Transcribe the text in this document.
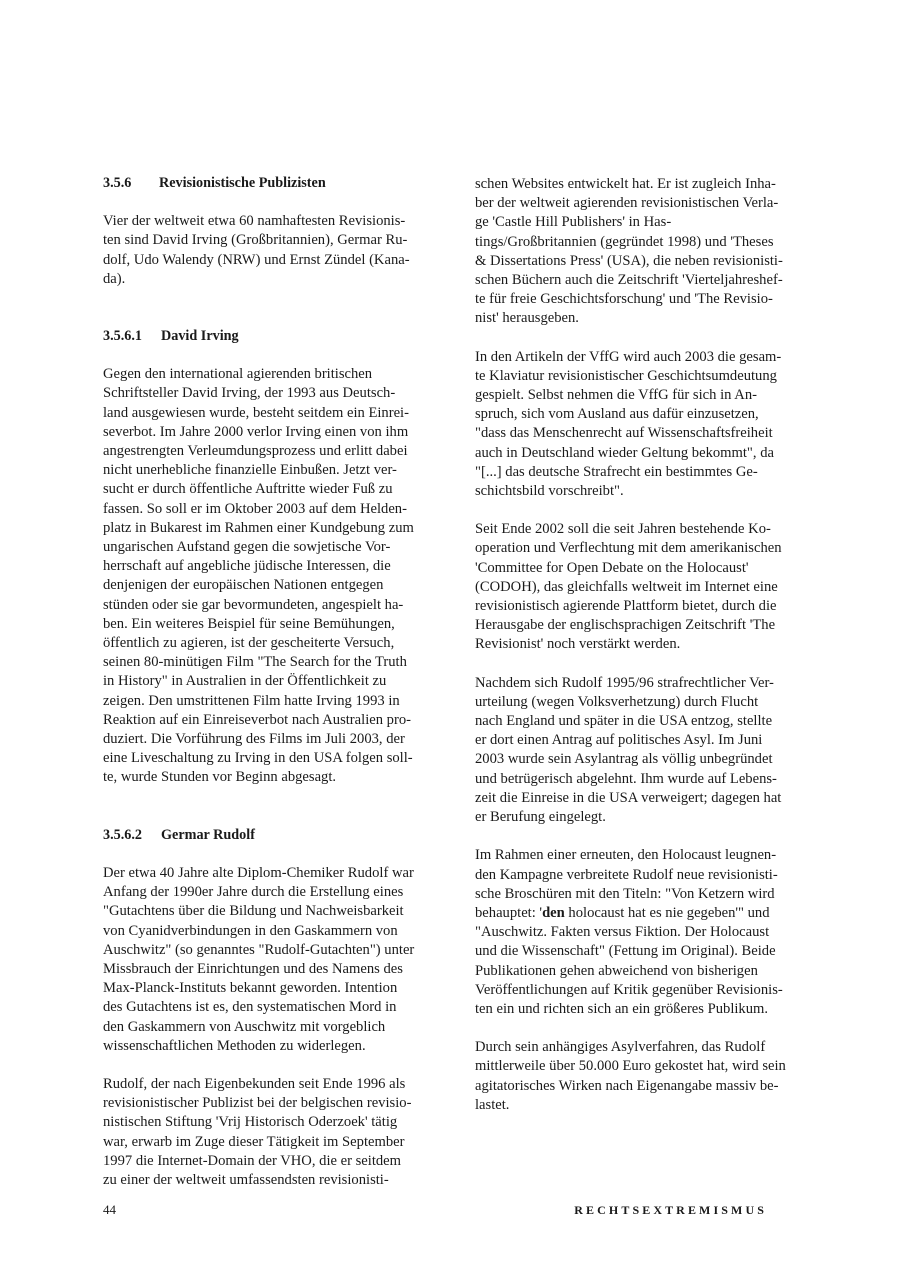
3.5.6 Revisionistische Publizisten

Vier der weltweit etwa 60 namhaftesten Revisionis-
ten sind David Irving (Großbritannien), Germar Ru-
dolf, Udo Walendy (NRW) und Ernst Zündel (Kana-
da).

3.5.6.1 David Irving

Gegen den international agierenden britischen
Schriftsteller David Irving, der 1993 aus Deutsch-
land ausgewiesen wurde, besteht seitdem ein Einrei-
severbot. Im Jahre 2000 verlor Irving einen von ihm
angestrengten Verleumdungsprozess und erlitt dabei
nicht unerhebliche finanzielle Einbußen. Jetzt ver-
sucht er durch öffentliche Auftritte wieder Fuß zu
fassen. So soll er im Oktober 2003 auf dem Helden-
platz in Bukarest im Rahmen einer Kundgebung zum
ungarischen Aufstand gegen die sowjetische Vor-
herrschaft auf angebliche jüdische Interessen, die
denjenigen der europäischen Nationen entgegen
stünden oder sie gar bevormundeten, angespielt ha-
ben. Ein weiteres Beispiel für seine Bemühungen,
öffentlich zu agieren, ist der gescheiterte Versuch,
seinen 80-minütigen Film "The Search for the Truth
in History" in Australien in der Öffentlichkeit zu
zeigen. Den umstrittenen Film hatte Irving 1993 in
Reaktion auf ein Einreiseverbot nach Australien pro-
duziert. Die Vorführung des Films im Juli 2003, der
eine Liveschaltung zu Irving in den USA folgen soll-
te, wurde Stunden vor Beginn abgesagt.

3.5.6.2 Germar Rudolf

Der etwa 40 Jahre alte Diplom-Chemiker Rudolf war
Anfang der 1990er Jahre durch die Erstellung eines
"Gutachtens über die Bildung und Nachweisbarkeit
von Cyanidverbindungen in den Gaskammern von
Auschwitz" (so genanntes "Rudolf-Gutachten") unter
Missbrauch der Einrichtungen und des Namens des
Max-Planck-Instituts bekannt geworden. Intention
des Gutachtens ist es, den systematischen Mord in
den Gaskammern von Auschwitz mit vorgeblich
wissenschaftlichen Methoden zu widerlegen.

Rudolf, der nach Eigenbekunden seit Ende 1996 als
revisionistischer Publizist bei der belgischen revisio-
nistischen Stiftung 'Vrij Historisch Oderzoek' tätig
war, erwarb im Zuge dieser Tätigkeit im September
1997 die Internet-Domain der VHO, die er seitdem
zu einer der weltweit umfassendsten revisionisti-

schen Websites entwickelt hat. Er ist zugleich Inha-
ber der weltweit agierenden revisionistischen Verla-
ge 'Castle Hill Publishers' in Has-
tings/Großbritannien (gegründet 1998) und 'Theses
& Dissertations Press' (USA), die neben revisionisti-
schen Büchern auch die Zeitschrift 'Vierteljahreshef-
te für freie Geschichtsforschung' und 'The Revisio-
nist' herausgeben.

In den Artikeln der VffG wird auch 2003 die gesam-
te Klaviatur revisionistischer Geschichtsumdeutung
gespielt. Selbst nehmen die VffG für sich in An-
spruch, sich vom Ausland aus dafür einzusetzen,
"dass das Menschenrecht auf Wissenschaftsfreiheit
auch in Deutschland wieder Geltung bekommt", da
"[...] das deutsche Strafrecht ein bestimmtes Ge-
schichtsbild vorschreibt".

Seit Ende 2002 soll die seit Jahren bestehende Ko-
operation und Verflechtung mit dem amerikanischen
'Committee for Open Debate on the Holocaust'
(CODOH), das gleichfalls weltweit im Internet eine
revisionistisch agierende Plattform bietet, durch die
Herausgabe der englischsprachigen Zeitschrift 'The
Revisionist' noch verstärkt werden.

Nachdem sich Rudolf 1995/96 strafrechtlicher Ver-
urteilung (wegen Volksverhetzung) durch Flucht
nach England und später in die USA entzog, stellte
er dort einen Antrag auf politisches Asyl. Im Juni
2003 wurde sein Asylantrag als völlig unbegründet
und betrügerisch abgelehnt. Ihm wurde auf Lebens-
zeit die Einreise in die USA verweigert; dagegen hat
er Berufung eingelegt.

Im Rahmen einer erneuten, den Holocaust leugnen-
den Kampagne verbreitete Rudolf neue revisionisti-
sche Broschüren mit den Titeln: "Von Ketzern wird
behauptet: 'den holocaust hat es nie gegeben'" und
"Auschwitz. Fakten versus Fiktion. Der Holocaust
und die Wissenschaft" (Fettung im Original). Beide
Publikationen gehen abweichend von bisherigen
Veröffentlichungen auf Kritik gegenüber Revisionis-
ten ein und richten sich an ein größeres Publikum.

Durch sein anhängiges Asylverfahren, das Rudolf
mittlerweile über 50.000 Euro gekostet hat, wird sein
agitatorisches Wirken nach Eigenangabe massiv be-
lastet.

44	RECHTSEXTREMISMUS
